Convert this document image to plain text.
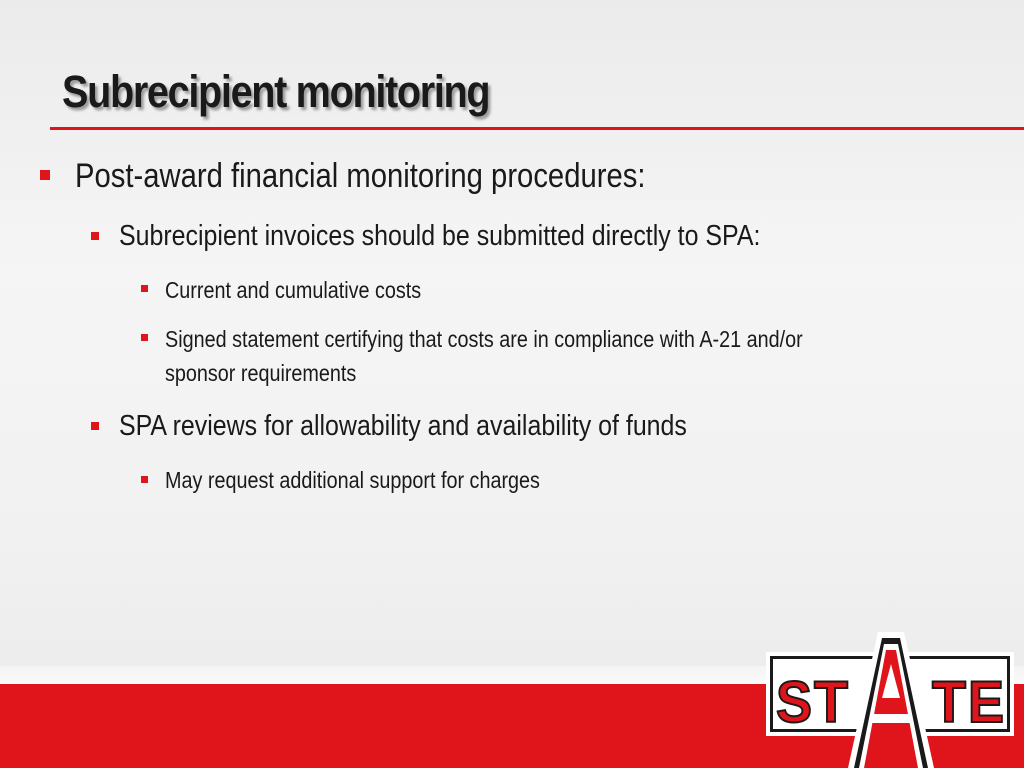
Subrecipient monitoring
Post-award financial monitoring procedures:
Subrecipient invoices should be submitted directly to SPA:
Current and cumulative costs
Signed statement certifying that costs are in compliance with A-21 and/or
sponsor requirements
SPA reviews for allowability and availability of funds
May request additional support for charges
S T T E
